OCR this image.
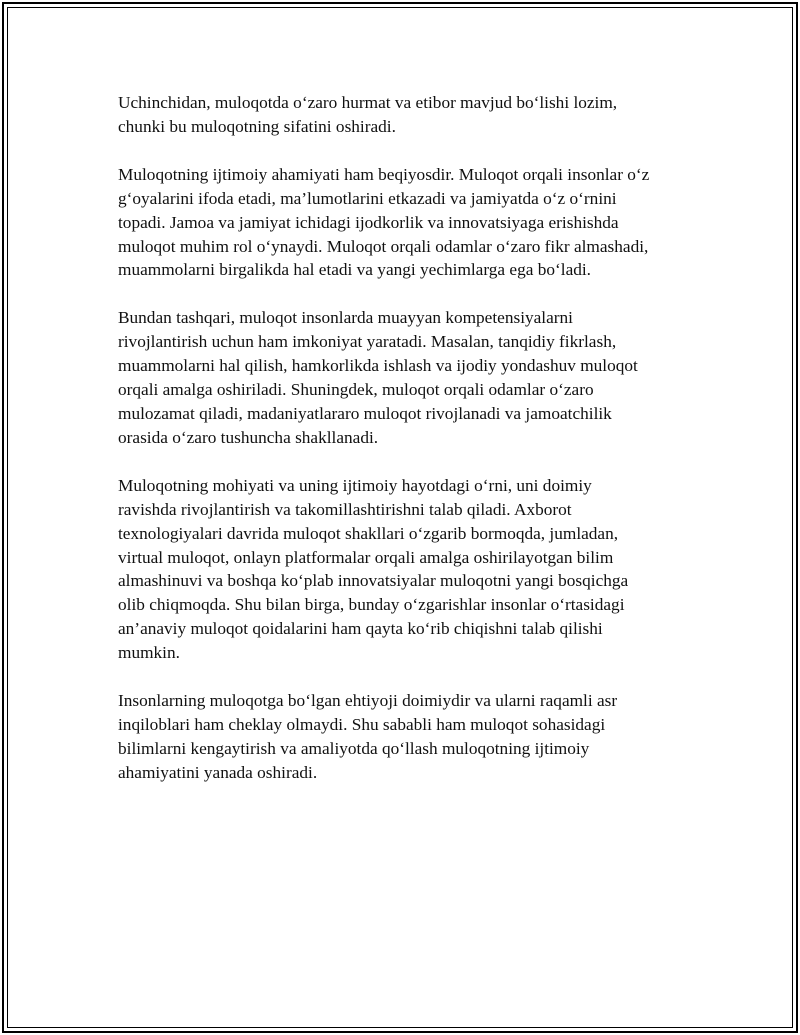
Uchinchidan, muloqotda o‘zaro hurmat va etibor mavjud bo‘lishi lozim,
chunki bu muloqotning sifatini oshiradi.

Muloqotning ijtimoiy ahamiyati ham beqiyosdir. Muloqot orqali insonlar o‘z
g‘oyalarini ifoda etadi, ma’lumotlarini etkazadi va jamiyatda o‘z o‘rnini
topadi. Jamoa va jamiyat ichidagi ijodkorlik va innovatsiyaga erishishda
muloqot muhim rol o‘ynaydi. Muloqot orqali odamlar o‘zaro fikr almashadi,
muammolarni birgalikda hal etadi va yangi yechimlarga ega bo‘ladi.

Bundan tashqari, muloqot insonlarda muayyan kompetensiyalarni
rivojlantirish uchun ham imkoniyat yaratadi. Masalan, tanqidiy fikrlash,
muammolarni hal qilish, hamkorlikda ishlash va ijodiy yondashuv muloqot
orqali amalga oshiriladi. Shuningdek, muloqot orqali odamlar o‘zaro
mulozamat qiladi, madaniyatlararo muloqot rivojlanadi va jamoatchilik
orasida o‘zaro tushuncha shakllanadi.

Muloqotning mohiyati va uning ijtimoiy hayotdagi o‘rni, uni doimiy
ravishda rivojlantirish va takomillashtirishni talab qiladi. Axborot
texnologiyalari davrida muloqot shakllari o‘zgarib bormoqda, jumladan,
virtual muloqot, onlayn platformalar orqali amalga oshirilayotgan bilim
almashinuvi va boshqa ko‘plab innovatsiyalar muloqotni yangi bosqichga
olib chiqmoqda. Shu bilan birga, bunday o‘zgarishlar insonlar o‘rtasidagi
an’anaviy muloqot qoidalarini ham qayta ko‘rib chiqishni talab qilishi
mumkin.

Insonlarning muloqotga bo‘lgan ehtiyoji doimiydir va ularni raqamli asr
inqiloblari ham cheklay olmaydi. Shu sababli ham muloqot sohasidagi
bilimlarni kengaytirish va amaliyotda qo‘llash muloqotning ijtimoiy
ahamiyatini yanada oshiradi.
